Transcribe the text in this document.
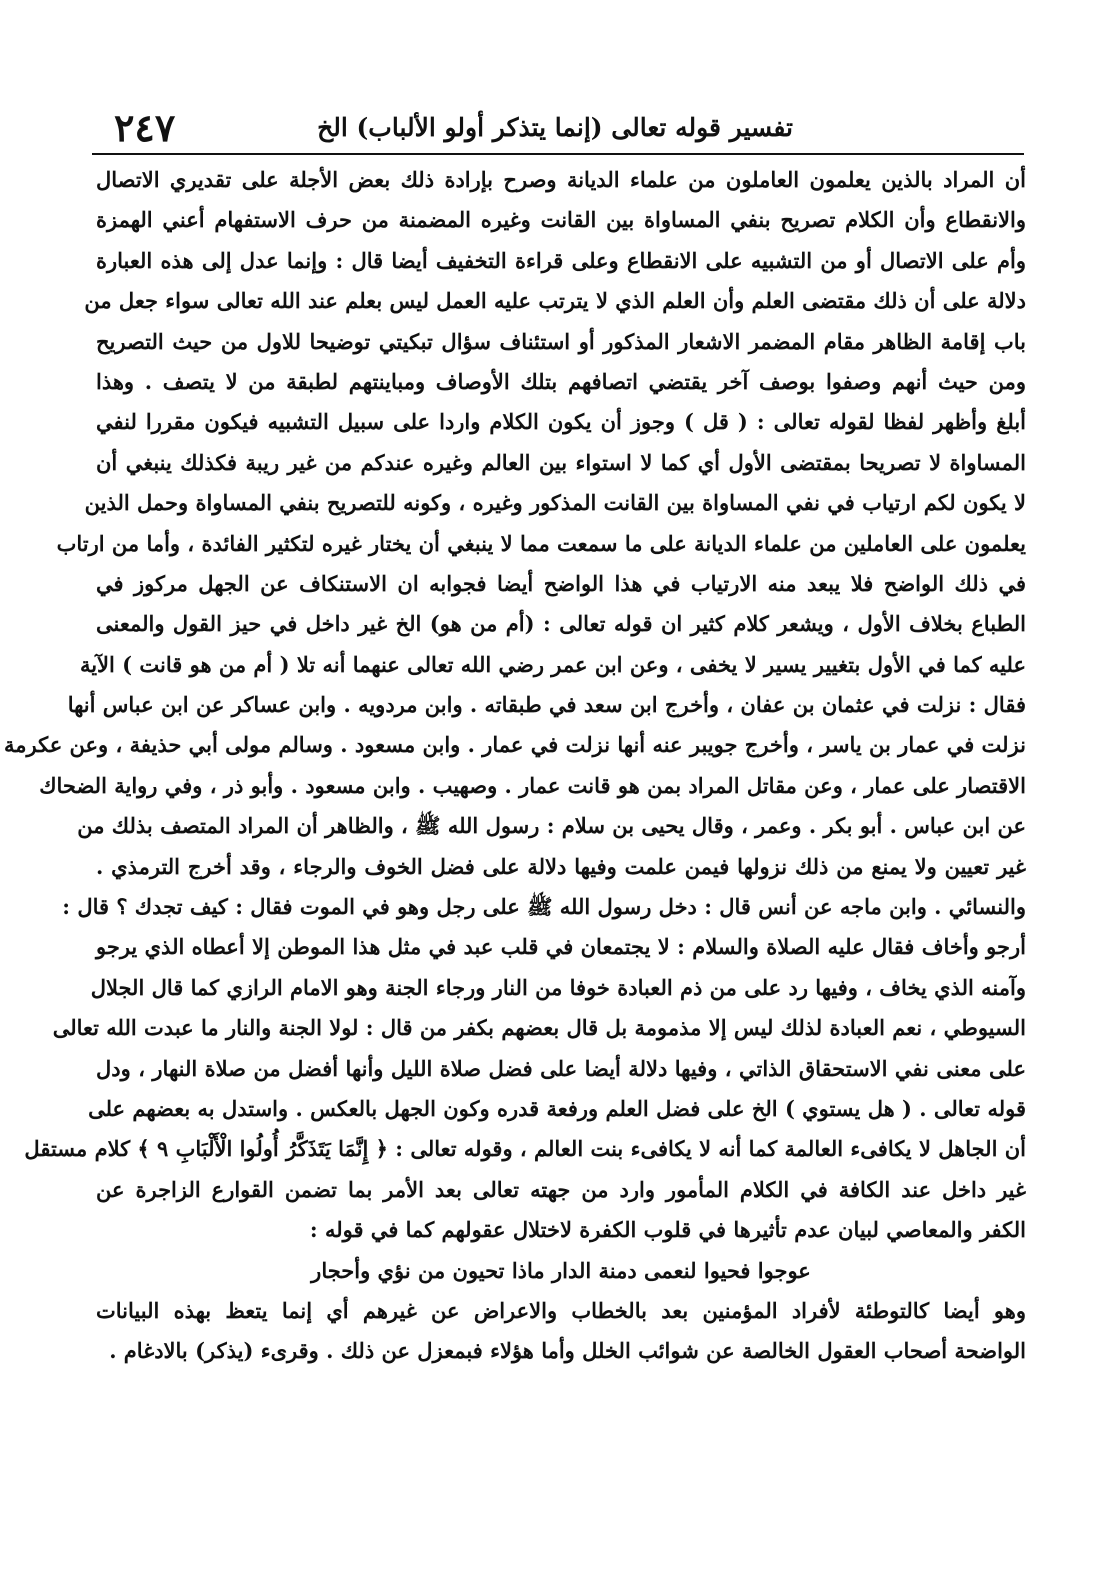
٢٤٧	تفسير قوله تعالى (إنما يتذكر أولو الألباب) الخ
أن المراد بالذين يعلمون العاملون من علماء الديانة وصرح بإرادة ذلك بعض الأجلة على تقديري الاتصال
والانقطاع وأن الكلام تصريح بنفي المساواة بين القانت وغيره المضمنة من حرف الاستفهام أعني الهمزة
وأم على الاتصال أو من التشبيه على الانقطاع وعلى قراءة التخفيف أيضا قال : وإنما عدل إلى هذه العبارة
دلالة على أن ذلك مقتضى العلم وأن العلم الذي لا يترتب عليه العمل ليس بعلم عند الله تعالى سواء جعل من
باب إقامة الظاهر مقام المضمر الاشعار المذكور أو استئناف سؤال تبكيتي توضيحا للاول من حيث التصريح
ومن حيث أنهم وصفوا بوصف آخر يقتضي اتصافهم بتلك الأوصاف ومباينتهم لطبقة من لا يتصف . وهذا
أبلغ وأظهر لفظا لقوله تعالى : ( قل ) وجوز أن يكون الكلام واردا على سبيل التشبيه فيكون مقررا لنفي
المساواة لا تصريحا بمقتضى الأول أي كما لا استواء بين العالم وغيره عندكم من غير ريبة فكذلك ينبغي أن
لا يكون لكم ارتياب في نفي المساواة بين القانت المذكور وغيره ، وكونه للتصريح بنفي المساواة وحمل الذين
يعلمون على العاملين من علماء الديانة على ما سمعت مما لا ينبغي أن يختار غيره لتكثير الفائدة ، وأما من ارتاب
في ذلك الواضح فلا يبعد منه الارتياب في هذا الواضح أيضا فجوابه ان الاستنكاف عن الجهل مركوز في
الطباع بخلاف الأول ، ويشعر كلام كثير ان قوله تعالى : (أم من هو) الخ غير داخل في حيز القول والمعنى
عليه كما في الأول بتغيير يسير لا يخفى ، وعن ابن عمر رضي الله تعالى عنهما أنه تلا ( أم من هو قانت ) الآية
فقال : نزلت في عثمان بن عفان ، وأخرج ابن سعد في طبقاته . وابن مردويه . وابن عساكر عن ابن عباس أنها
نزلت في عمار بن ياسر ، وأخرج جويبر عنه أنها نزلت في عمار . وابن مسعود . وسالم مولى أبي حذيفة ، وعن عكرمة
الاقتصار على عمار ، وعن مقاتل المراد بمن هو قانت عمار . وصهيب . وابن مسعود . وأبو ذر ، وفي رواية الضحاك
عن ابن عباس . أبو بكر . وعمر ، وقال يحيى بن سلام : رسول الله ﷺ ، والظاهر أن المراد المتصف بذلك من
غير تعيين ولا يمنع من ذلك نزولها فيمن علمت وفيها دلالة على فضل الخوف والرجاء ، وقد أخرج الترمذي .
والنسائي . وابن ماجه عن أنس قال : دخل رسول الله ﷺ على رجل وهو في الموت فقال : كيف تجدك ؟ قال :
أرجو وأخاف فقال عليه الصلاة والسلام : لا يجتمعان في قلب عبد في مثل هذا الموطن إلا أعطاه الذي يرجو
وآمنه الذي يخاف ، وفيها رد على من ذم العبادة خوفا من النار ورجاء الجنة وهو الامام الرازي كما قال الجلال
السيوطي ، نعم العبادة لذلك ليس إلا مذمومة بل قال بعضهم بكفر من قال : لولا الجنة والنار ما عبدت الله تعالى
على معنى نفي الاستحقاق الذاتي ، وفيها دلالة أيضا على فضل صلاة الليل وأنها أفضل من صلاة النهار ، ودل
قوله تعالى . ( هل يستوي ) الخ على فضل العلم ورفعة قدره وكون الجهل بالعكس . واستدل به بعضهم على
أن الجاهل لا يكافىء العالمة كما أنه لا يكافىء بنت العالم ، وقوله تعالى : ﴿ إِنَّمَا يَتَذَكَّرُ أُولُوا الْأَلْبَابِ ٩ ﴾ كلام مستقل
غير داخل عند الكافة في الكلام المأمور وارد من جهته تعالى بعد الأمر بما تضمن القوارع الزاجرة عن
الكفر والمعاصي لبيان عدم تأثيرها في قلوب الكفرة لاختلال عقولهم كما في قوله :
عوجوا فحيوا لنعمى دمنة الدار ماذا تحيون من نؤي وأحجار
وهو أيضا كالتوطئة لأفراد المؤمنين بعد بالخطاب والاعراض عن غيرهم أي إنما يتعظ بهذه البيانات
الواضحة أصحاب العقول الخالصة عن شوائب الخلل وأما هؤلاء فبمعزل عن ذلك . وقرىء (يذكر) بالادغام .
